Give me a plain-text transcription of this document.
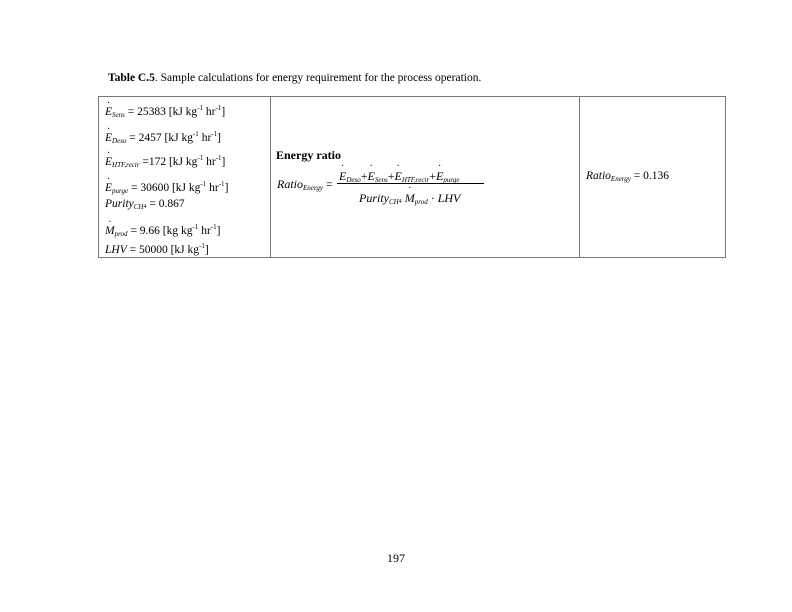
Table C.5. Sample calculations for energy requirement for the process operation.
· $E_{Sens} = 25383$ [kJ $kg^{-1}$ $hr^{-1}$]
· $E_{Deso} = 2457$ [kJ $kg^{-1}$ $hr^{-1}$]
· $E_{HTF,recir} =172$ [kJ $kg^{-1}$ $hr^{-1}$]
· $E_{purge} = 30600$ [kJ $kg^{-1}$ $hr^{-1}$]
Purity$_{CH}$4 = 0.867
· $M_{prod} = 9.66$ [kg $kg^{-1}$ $hr^{-1}$]
LHV = 50000 [kJ $kg^{-1}$]

Energy ratio
Ratio$_{Energy}$ =
· $E_{Deso}+\cdot E_{Sens}+\cdot E_{HTF,recir}+\cdot E_{purge}$
Purity$_{CH}$4 · $M_{prod}$ · LHV

Ratio$_{Energy}$ = 0.136
197
